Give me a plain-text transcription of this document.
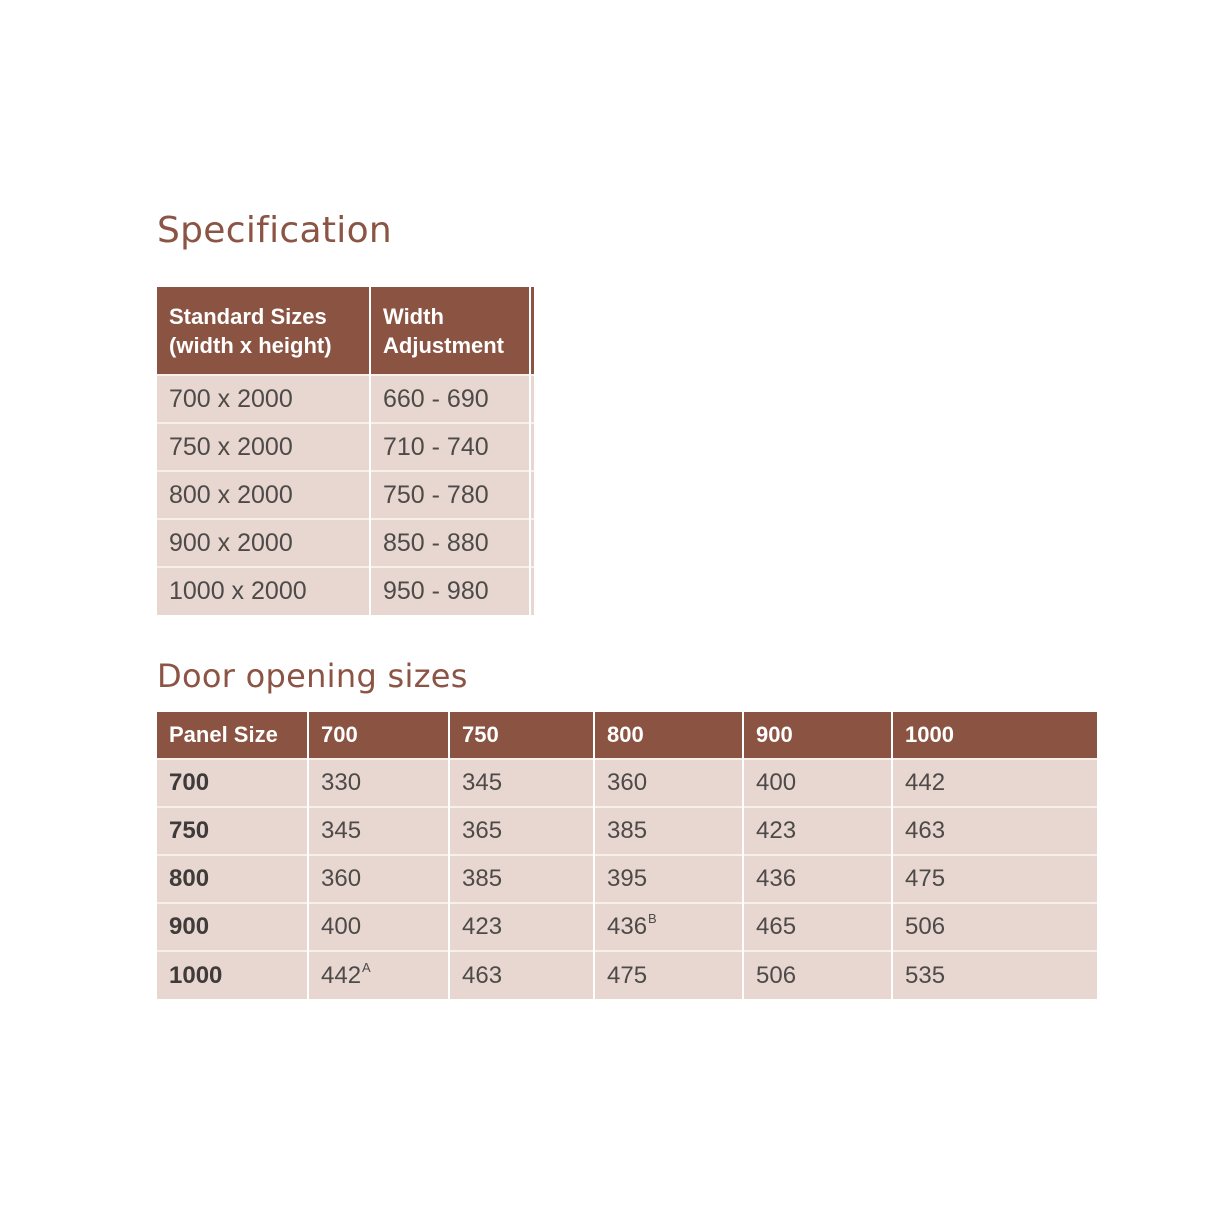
Specification
Standard Sizes
(width x height)

Width
Adjustment

700 x 2000	660 - 690	
750 x 2000	710 - 740	
800 x 2000	750 - 780	
900 x 2000	850 - 880	
1000 x 2000	950 - 980	
Door opening sizes
Panel Size	700	750	800	900	1000
700	330	345	360	400	442
750	345	365	385	423	463
800	360	385	395	436	475
900	400	423	$436^B$	465	506
1000	$442^A$	463	475	506	535
